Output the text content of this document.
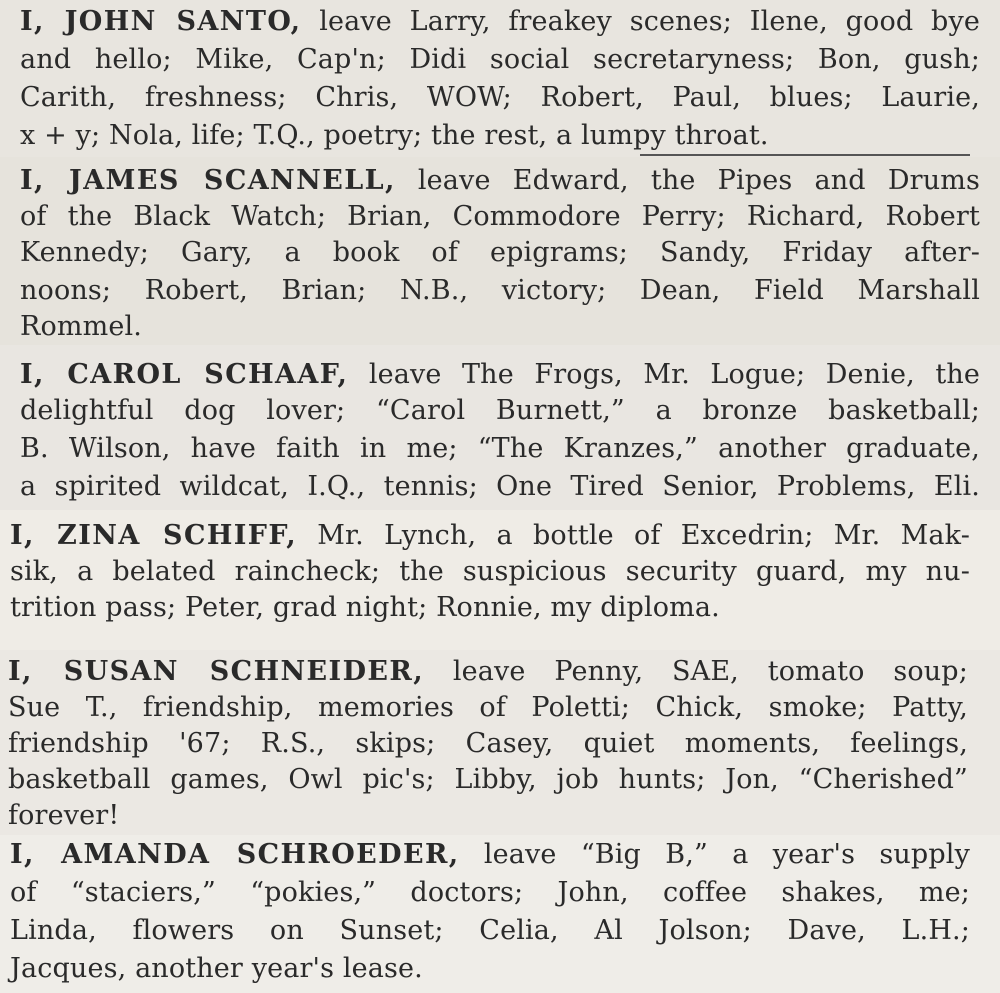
I, JOHN SANTO, leave Larry, freakey scenes; Ilene, good bye
and hello; Mike, Cap'n; Didi social secretaryness; Bon, gush;
Carith, freshness; Chris, WOW; Robert, Paul, blues; Laurie,
x + y; Nola, life; T.Q., poetry; the rest, a lumpy throat.
I, JAMES SCANNELL, leave Edward, the Pipes and Drums
of the Black Watch; Brian, Commodore Perry; Richard, Robert
Kennedy; Gary, a book of epigrams; Sandy, Friday after-
noons; Robert, Brian; N.B., victory; Dean, Field Marshall
Rommel.
I, CAROL SCHAAF, leave The Frogs, Mr. Logue; Denie, the
delightful dog lover; “Carol Burnett,” a bronze basketball;
B. Wilson, have faith in me; “The Kranzes,” another graduate,
a spirited wildcat, I.Q., tennis; One Tired Senior, Problems, Eli.
I, ZINA SCHIFF, Mr. Lynch, a bottle of Excedrin; Mr. Mak-
sik, a belated raincheck; the suspicious security guard, my nu-
trition pass; Peter, grad night; Ronnie, my diploma.
I, SUSAN SCHNEIDER, leave Penny, SAE, tomato soup;
Sue T., friendship, memories of Poletti; Chick, smoke; Patty,
friendship '67; R.S., skips; Casey, quiet moments, feelings,
basketball games, Owl pic's; Libby, job hunts; Jon, “Cherished”
forever!
I, AMANDA SCHROEDER, leave “Big B,” a year's supply
of “staciers,” “pokies,” doctors; John, coffee shakes, me;
Linda, flowers on Sunset; Celia, Al Jolson; Dave, L.H.;
Jacques, another year's lease.
